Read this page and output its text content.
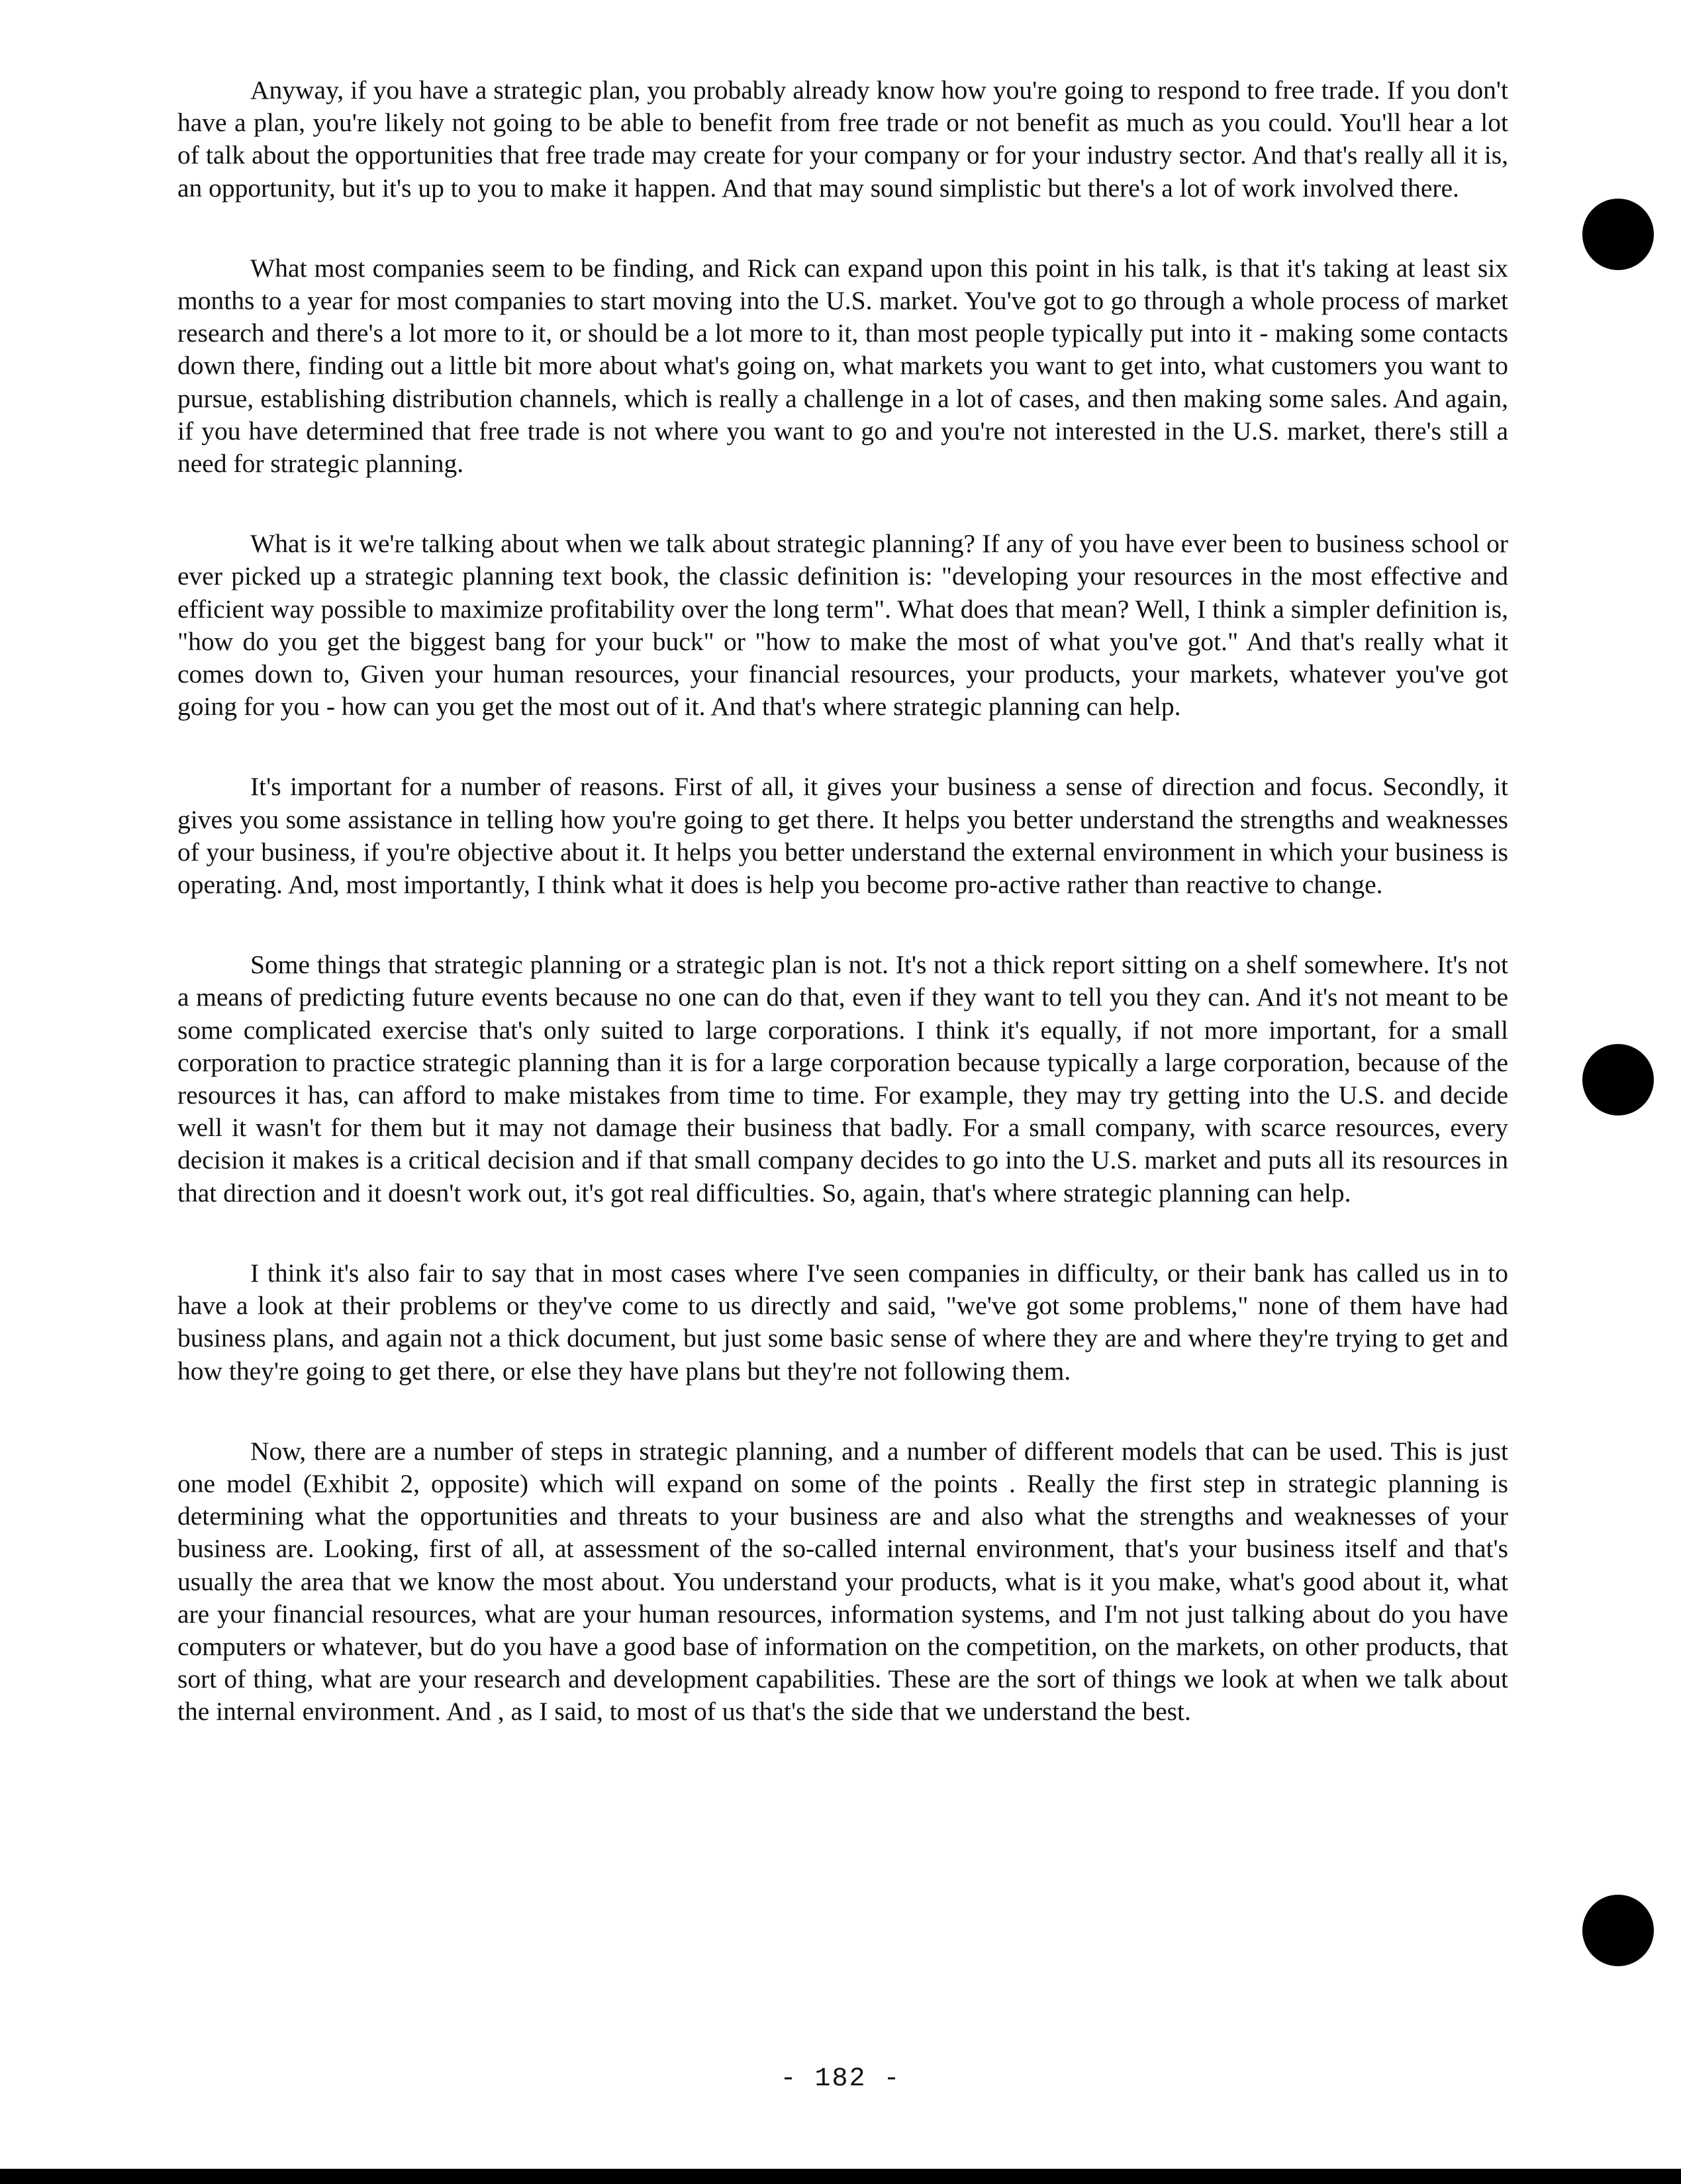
Anyway, if you have a strategic plan, you probably already know how you're going to respond to free trade. If you don't have a plan, you're likely not going to be able to benefit from free trade or not benefit as much as you could. You'll hear a lot of talk about the opportunities that free trade may create for your company or for your industry sector. And that's really all it is, an opportunity, but it's up to you to make it happen. And that may sound simplistic but there's a lot of work involved there.

What most companies seem to be finding, and Rick can expand upon this point in his talk, is that it's taking at least six months to a year for most companies to start moving into the U.S. market. You've got to go through a whole process of market research and there's a lot more to it, or should be a lot more to it, than most people typically put into it - making some contacts down there, finding out a little bit more about what's going on, what markets you want to get into, what customers you want to pursue, establishing distribution channels, which is really a challenge in a lot of cases, and then making some sales. And again, if you have determined that free trade is not where you want to go and you're not interested in the U.S. market, there's still a need for strategic planning.

What is it we're talking about when we talk about strategic planning? If any of you have ever been to business school or ever picked up a strategic planning text book, the classic definition is: "developing your resources in the most effective and efficient way possible to maximize profitability over the long term". What does that mean? Well, I think a simpler definition is, "how do you get the biggest bang for your buck" or "how to make the most of what you've got." And that's really what it comes down to, Given your human resources, your financial resources, your products, your markets, whatever you've got going for you - how can you get the most out of it. And that's where strategic planning can help.

It's important for a number of reasons. First of all, it gives your business a sense of direction and focus. Secondly, it gives you some assistance in telling how you're going to get there. It helps you better understand the strengths and weaknesses of your business, if you're objective about it. It helps you better understand the external environment in which your business is operating. And, most importantly, I think what it does is help you become pro-active rather than reactive to change.

Some things that strategic planning or a strategic plan is not. It's not a thick report sitting on a shelf somewhere. It's not a means of predicting future events because no one can do that, even if they want to tell you they can. And it's not meant to be some complicated exercise that's only suited to large corporations. I think it's equally, if not more important, for a small corporation to practice strategic planning than it is for a large corporation because typically a large corporation, because of the resources it has, can afford to make mistakes from time to time. For example, they may try getting into the U.S. and decide well it wasn't for them but it may not damage their business that badly. For a small company, with scarce resources, every decision it makes is a critical decision and if that small company decides to go into the U.S. market and puts all its resources in that direction and it doesn't work out, it's got real difficulties. So, again, that's where strategic planning can help.

I think it's also fair to say that in most cases where I've seen companies in difficulty, or their bank has called us in to have a look at their problems or they've come to us directly and said, "we've got some problems," none of them have had business plans, and again not a thick document, but just some basic sense of where they are and where they're trying to get and how they're going to get there, or else they have plans but they're not following them.

Now, there are a number of steps in strategic planning, and a number of different models that can be used. This is just one model (Exhibit 2, opposite) which will expand on some of the points . Really the first step in strategic planning is determining what the opportunities and threats to your business are and also what the strengths and weaknesses of your business are. Looking, first of all, at assessment of the so-called internal environment, that's your business itself and that's usually the area that we know the most about. You understand your products, what is it you make, what's good about it, what are your financial resources, what are your human resources, information systems, and I'm not just talking about do you have computers or whatever, but do you have a good base of information on the competition, on the markets, on other products, that sort of thing, what are your research and development capabilities. These are the sort of things we look at when we talk about the internal environment. And , as I said, to most of us that's the side that we understand the best.

- 182 -
